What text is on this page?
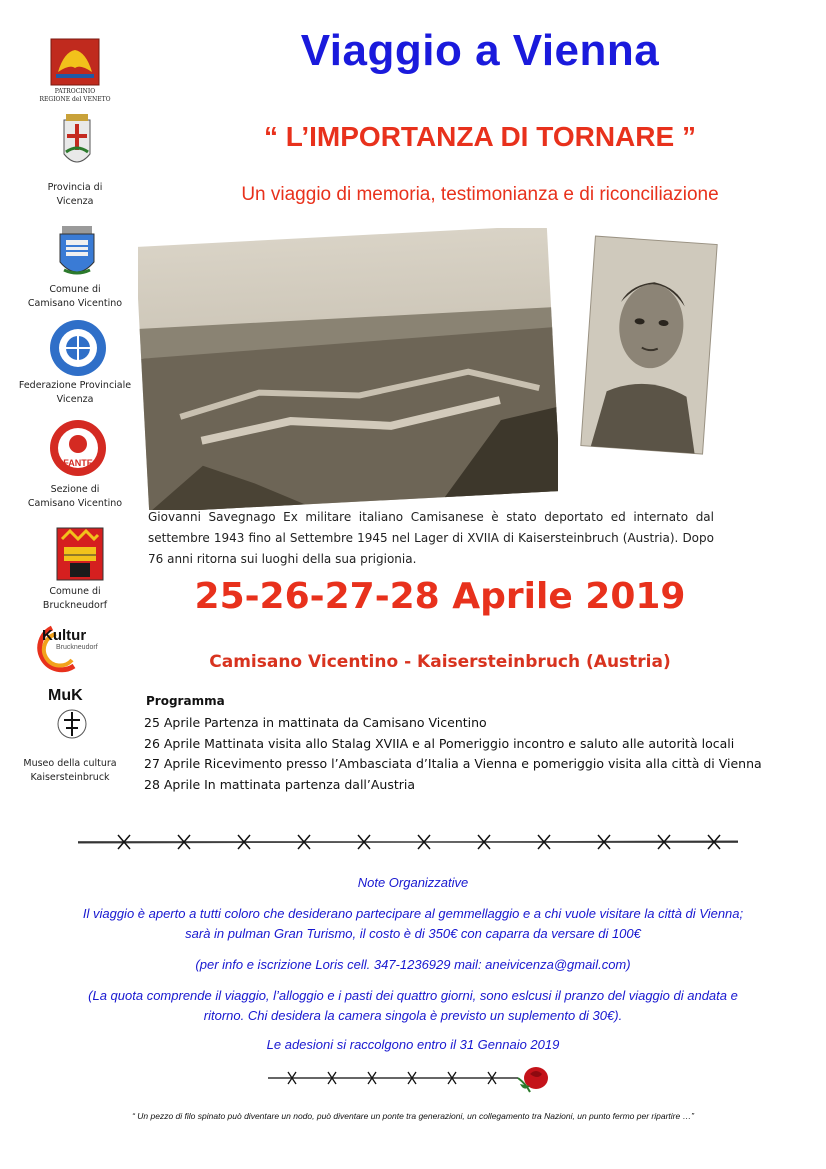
PATROCINIO
REGIONE del VENETO
Provincia di
Vicenza
Comune di
Camisano Vicentino
Federazione Provinciale
Vicenza
FANTE
Sezione di
Camisano Vicentino
Comune di
Bruckneudorf
Kultur
Bruckneudorf
MuK
Museo della cultura
Kaisersteinbruck
Viaggio a Vienna
“ L’IMPORTANZA DI TORNARE ”
Un viaggio di memoria, testimonianza e di riconciliazione
Giovanni Savegnago Ex militare italiano Camisanese è stato deportato ed internato dal settembre 1943 fino al Settembre 1945 nel Lager di XVIIA di Kaisersteinbruch (Austria). Dopo 76 anni ritorna sui luoghi della sua prigionia.
25-26-27-28 Aprile 2019
Camisano Vicentino - Kaisersteinbruch (Austria)
Programma
25 Aprile Partenza in mattinata da Camisano Vicentino
26 Aprile Mattinata visita allo Stalag XVIIA e al Pomeriggio incontro e saluto alle autorità locali
27 Aprile Ricevimento presso l’Ambasciata d’Italia a Vienna e pomeriggio visita alla città di Vienna
28 Aprile In mattinata partenza dall’Austria
Note Organizzative
Il viaggio è aperto a tutti coloro che desiderano partecipare al gemmellaggio e a chi vuole visitare la città di Vienna; sarà in pulman Gran Turismo, il costo è di 350€ con caparra da versare di 100€
(per info e iscrizione Loris cell. 347-1236929 mail: aneivicenza@gmail.com)
(La quota comprende il viaggio, l’alloggio e i pasti dei quattro giorni, sono eslcusi il pranzo del viaggio di andata e ritorno. Chi desidera la camera singola è previsto un suplemento di 30€).
Le adesioni si raccolgono entro il 31 Gennaio 2019
“ Un pezzo di filo spinato può diventare un nodo, può diventare un ponte tra generazioni, un collegamento tra Nazioni, un punto fermo per ripartire …”
